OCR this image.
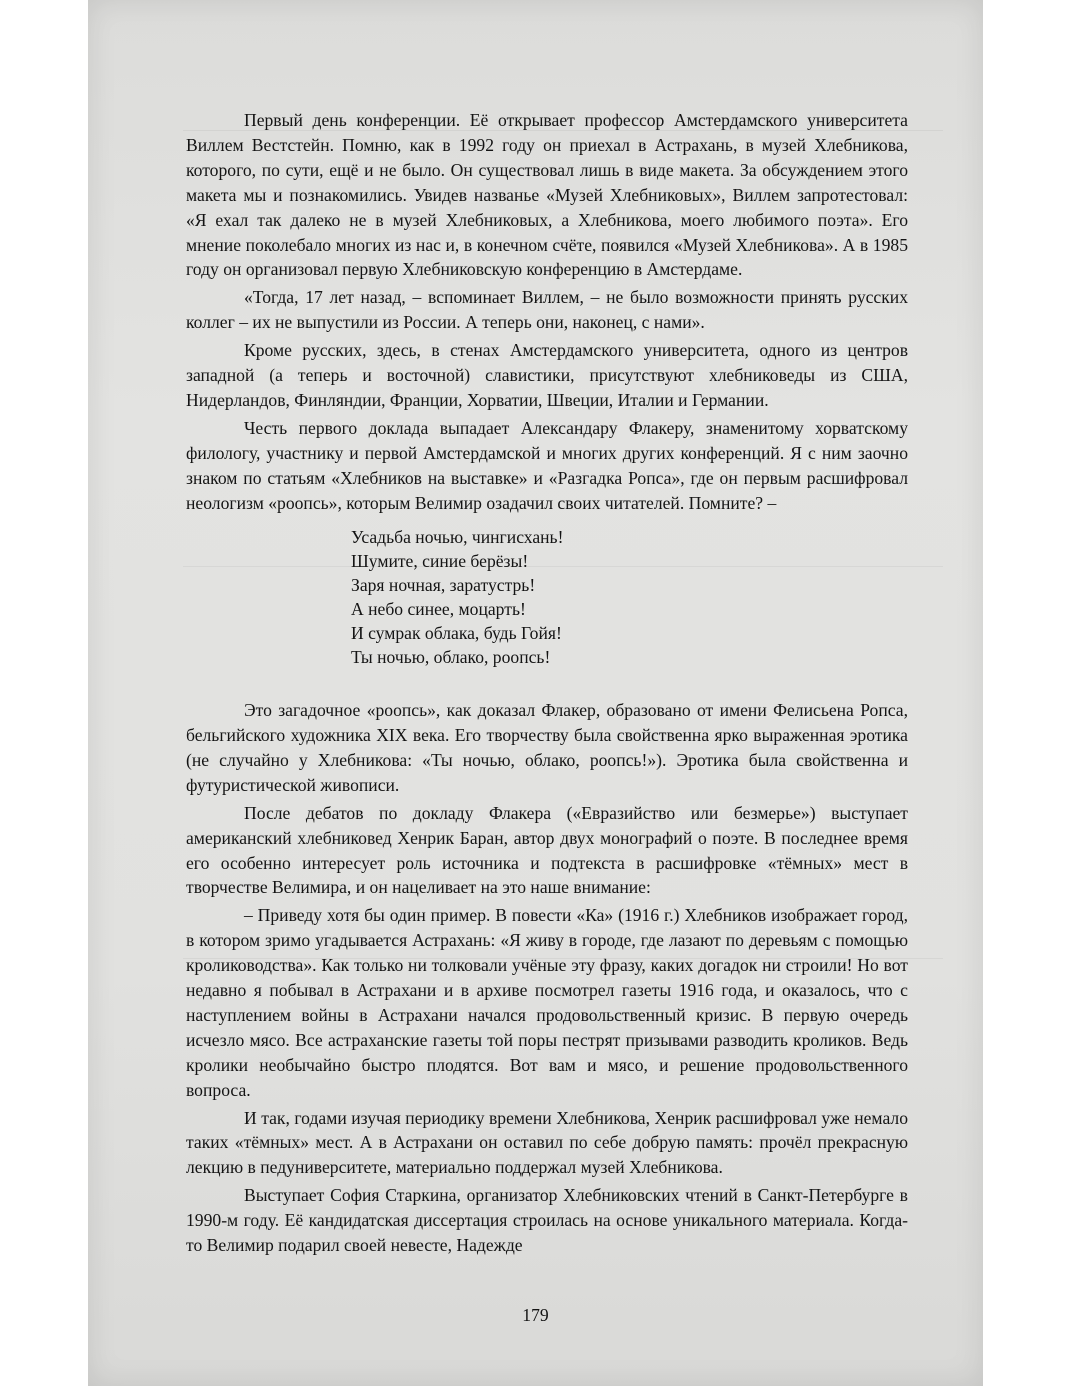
Первый день конференции. Её открывает профессор Амстердамского университета Виллем Вестстейн. Помню, как в 1992 году он приехал в Астрахань, в музей Хлебникова, которого, по сути, ещё и не было. Он существовал лишь в виде макета. За обсуждением этого макета мы и познакомились. Увидев названье «Музей Хлебниковых», Виллем запротестовал: «Я ехал так далеко не в музей Хлебниковых, а Хлебникова, моего любимого поэта». Его мнение поколебало многих из нас и, в конечном счёте, появился «Музей Хлебникова». А в 1985 году он организовал первую Хлебниковскую конференцию в Амстердаме.

«Тогда, 17 лет назад, – вспоминает Виллем, – не было возможности принять русских коллег – их не выпустили из России. А теперь они, наконец, с нами».

Кроме русских, здесь, в стенах Амстердамского университета, одного из центров западной (а теперь и восточной) славистики, присутствуют хлебниковеды из США, Нидерландов, Финляндии, Франции, Хорватии, Швеции, Италии и Германии.

Честь первого доклада выпадает Александару Флакеру, знаменитому хорватскому филологу, участнику и первой Амстердамской и многих других конференций. Я с ним заочно знаком по статьям «Хлебников на выставке» и «Разгадка Ропса», где он первым расшифровал неологизм «роопсь», которым Велимир озадачил своих читателей. Помните? –

Усадьба ночью, чингисхань!
Шумите, синие берёзы!
Заря ночная, заратустрь!
А небо синее, моцарть!
И сумрак облака, будь Гойя!
Ты ночью, облако, роопсь!

Это загадочное «роопсь», как доказал Флакер, образовано от имени Фелисьена Ропса, бельгийского художника XIX века. Его творчеству была свойственна ярко выраженная эротика (не случайно у Хлебникова: «Ты ночью, облако, роопсь!»). Эротика была свойственна и футуристической живописи.

После дебатов по докладу Флакера («Евразийство или безмерье») выступает американский хлебниковед Хенрик Баран, автор двух монографий о поэте. В последнее время его особенно интересует роль источника и подтекста в расшифровке «тёмных» мест в творчестве Велимира, и он нацеливает на это наше внимание:

– Приведу хотя бы один пример. В повести «Ка» (1916 г.) Хлебников изображает город, в котором зримо угадывается Астрахань: «Я живу в городе, где лазают по деревьям с помощью кролиководства». Как только ни толковали учёные эту фразу, каких догадок ни строили! Но вот недавно я побывал в Астрахани и в архиве посмотрел газеты 1916 года, и оказалось, что с наступлением войны в Астрахани начался продовольственный кризис. В первую очередь исчезло мясо. Все астраханские газеты той поры пестрят призывами разводить кроликов. Ведь кролики необычайно быстро плодятся. Вот вам и мясо, и решение продовольственного вопроса.

И так, годами изучая периодику времени Хлебникова, Хенрик расшифровал уже немало таких «тёмных» мест. А в Астрахани он оставил по себе добрую память: прочёл прекрасную лекцию в педуниверситете, материально поддержал музей Хлебникова.

Выступает София Старкина, организатор Хлебниковских чтений в Санкт-Петербурге в 1990-м году. Её кандидатская диссертация строилась на основе уникального материала. Когда-то Велимир подарил своей невесте, Надежде

179
